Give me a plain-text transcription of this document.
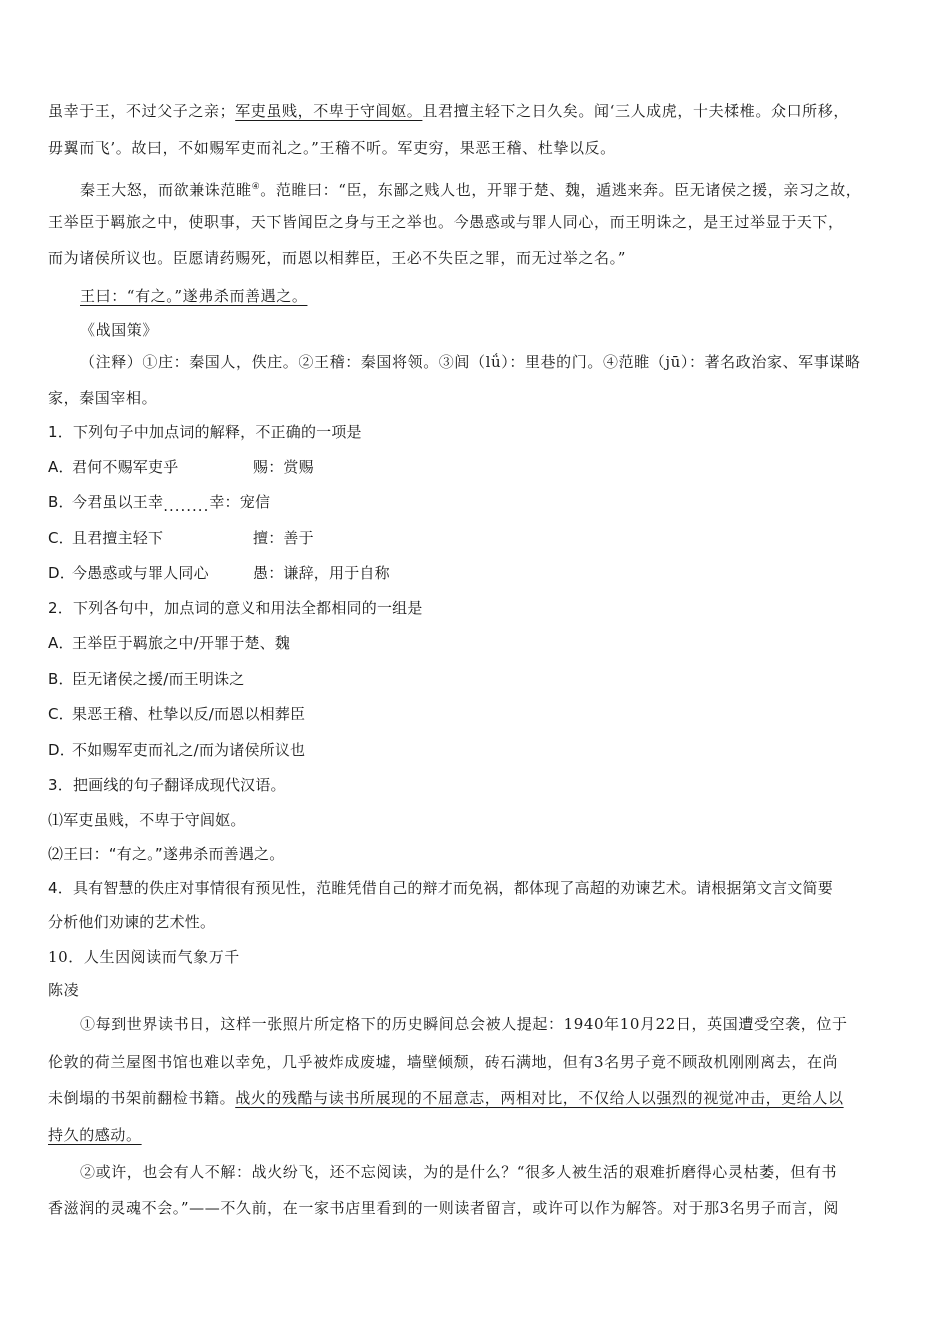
虽幸于王，不过父子之亲；军吏虽贱，不卑于守闾妪。且君擅主轻下之日久矣。闻‘三人成虎，十夫楺椎。众口所移，
毋翼而飞’。故曰，不如赐军吏而礼之。”王稽不听。军吏穷，果恶王稽、杜挚以反。
秦王大怒，而欲兼诛范睢④。范睢曰：“臣，东鄙之贱人也，开罪于楚、魏，遁逃来奔。臣无诸侯之援，亲习之故，
王举臣于羁旅之中，使职事，天下皆闻臣之身与王之举也。今愚惑或与罪人同心，而王明诛之，是王过举显于天下，
而为诸侯所议也。臣愿请药赐死，而恩以相葬臣，王必不失臣之罪，而无过举之名。”
王曰：“有之。”遂弗杀而善遇之。
《战国策》
（注释）①庄：秦国人，佚庄。②王稽：秦国将领。③闾（lǘ）：里巷的门。④范睢（jū）：著名政治家、军事谋略
家，秦国宰相。
1．下列句子中加点词的解释，不正确的一项是
A．君何不赐军吏乎	赐：赏赐
B．今君虽以王幸........幸：宠信
C．且君擅主轻下	擅：善于
D．今愚惑或与罪人同心	愚：谦辞，用于自称
2．下列各句中，加点词的意义和用法全都相同的一组是
A．王举臣于羁旅之中/开罪于楚、魏
B．臣无诸侯之援/而王明诛之
C．果恶王稽、杜挚以反/而恩以相葬臣
D．不如赐军吏而礼之/而为诸侯所议也
3．把画线的句子翻译成现代汉语。
⑴军吏虽贱，不卑于守闾妪。
⑵王曰：“有之。”遂弗杀而善遇之。
4．具有智慧的佚庄对事情很有预见性，范睢凭借自己的辩才而免祸，都体现了高超的劝谏艺术。请根据第文言文简要
分析他们劝谏的艺术性。
10．人生因阅读而气象万千
陈凌
①每到世界读书日，这样一张照片所定格下的历史瞬间总会被人提起：1940年10月22日，英国遭受空袭，位于
伦敦的荷兰屋图书馆也难以幸免，几乎被炸成废墟，墙壁倾颓，砖石满地，但有3名男子竟不顾敌机刚刚离去，在尚
未倒塌的书架前翻检书籍。战火的残酷与读书所展现的不屈意志，两相对比，不仅给人以强烈的视觉冲击，更给人以
持久的感动。
②或许，也会有人不解：战火纷飞，还不忘阅读，为的是什么？“很多人被生活的艰难折磨得心灵枯萎，但有书
香滋润的灵魂不会。”——不久前，在一家书店里看到的一则读者留言，或许可以作为解答。对于那3名男子而言，阅
